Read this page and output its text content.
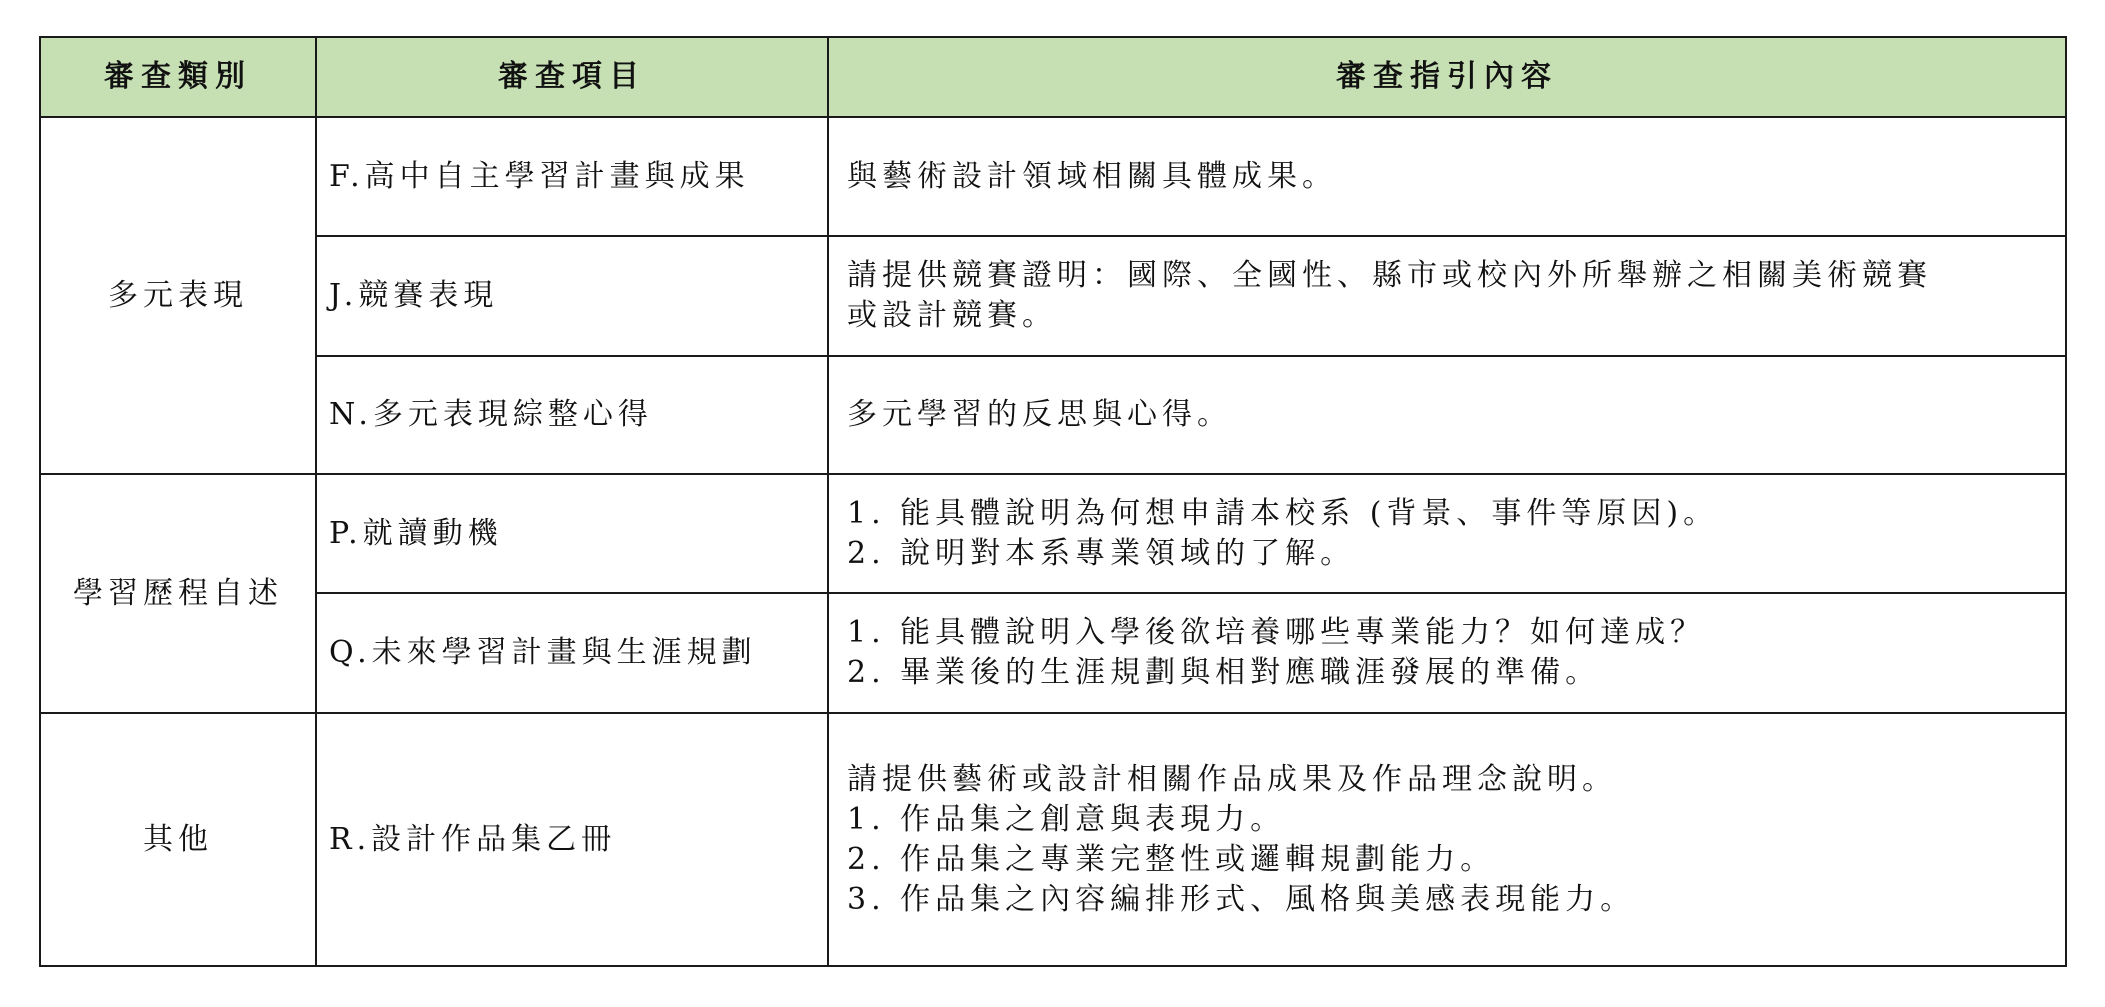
審查類別	審查項目	審查指引內容
多元表現	F.高中自主學習計畫與成果	與藝術設計領域相關具體成果。

	J.競賽表現	請提供競賽證明：國際、全國性、縣市或校內外所舉辦之相關美術競賽
或設計競賽。

	N.多元表現綜整心得	多元學習的反思與心得。

學習歷程自述	P.就讀動機	1. 能具體說明為何想申請本校系 (背景、事件等原因)。
2. 說明對本系專業領域的了解。

	Q.未來學習計畫與生涯規劃	1. 能具體說明入學後欲培養哪些專業能力？如何達成？
2. 畢業後的生涯規劃與相對應職涯發展的準備。

其他	R.設計作品集乙冊	請提供藝術或設計相關作品成果及作品理念說明。
1. 作品集之創意與表現力。
2. 作品集之專業完整性或邏輯規劃能力。
3. 作品集之內容編排形式、風格與美感表現能力。
